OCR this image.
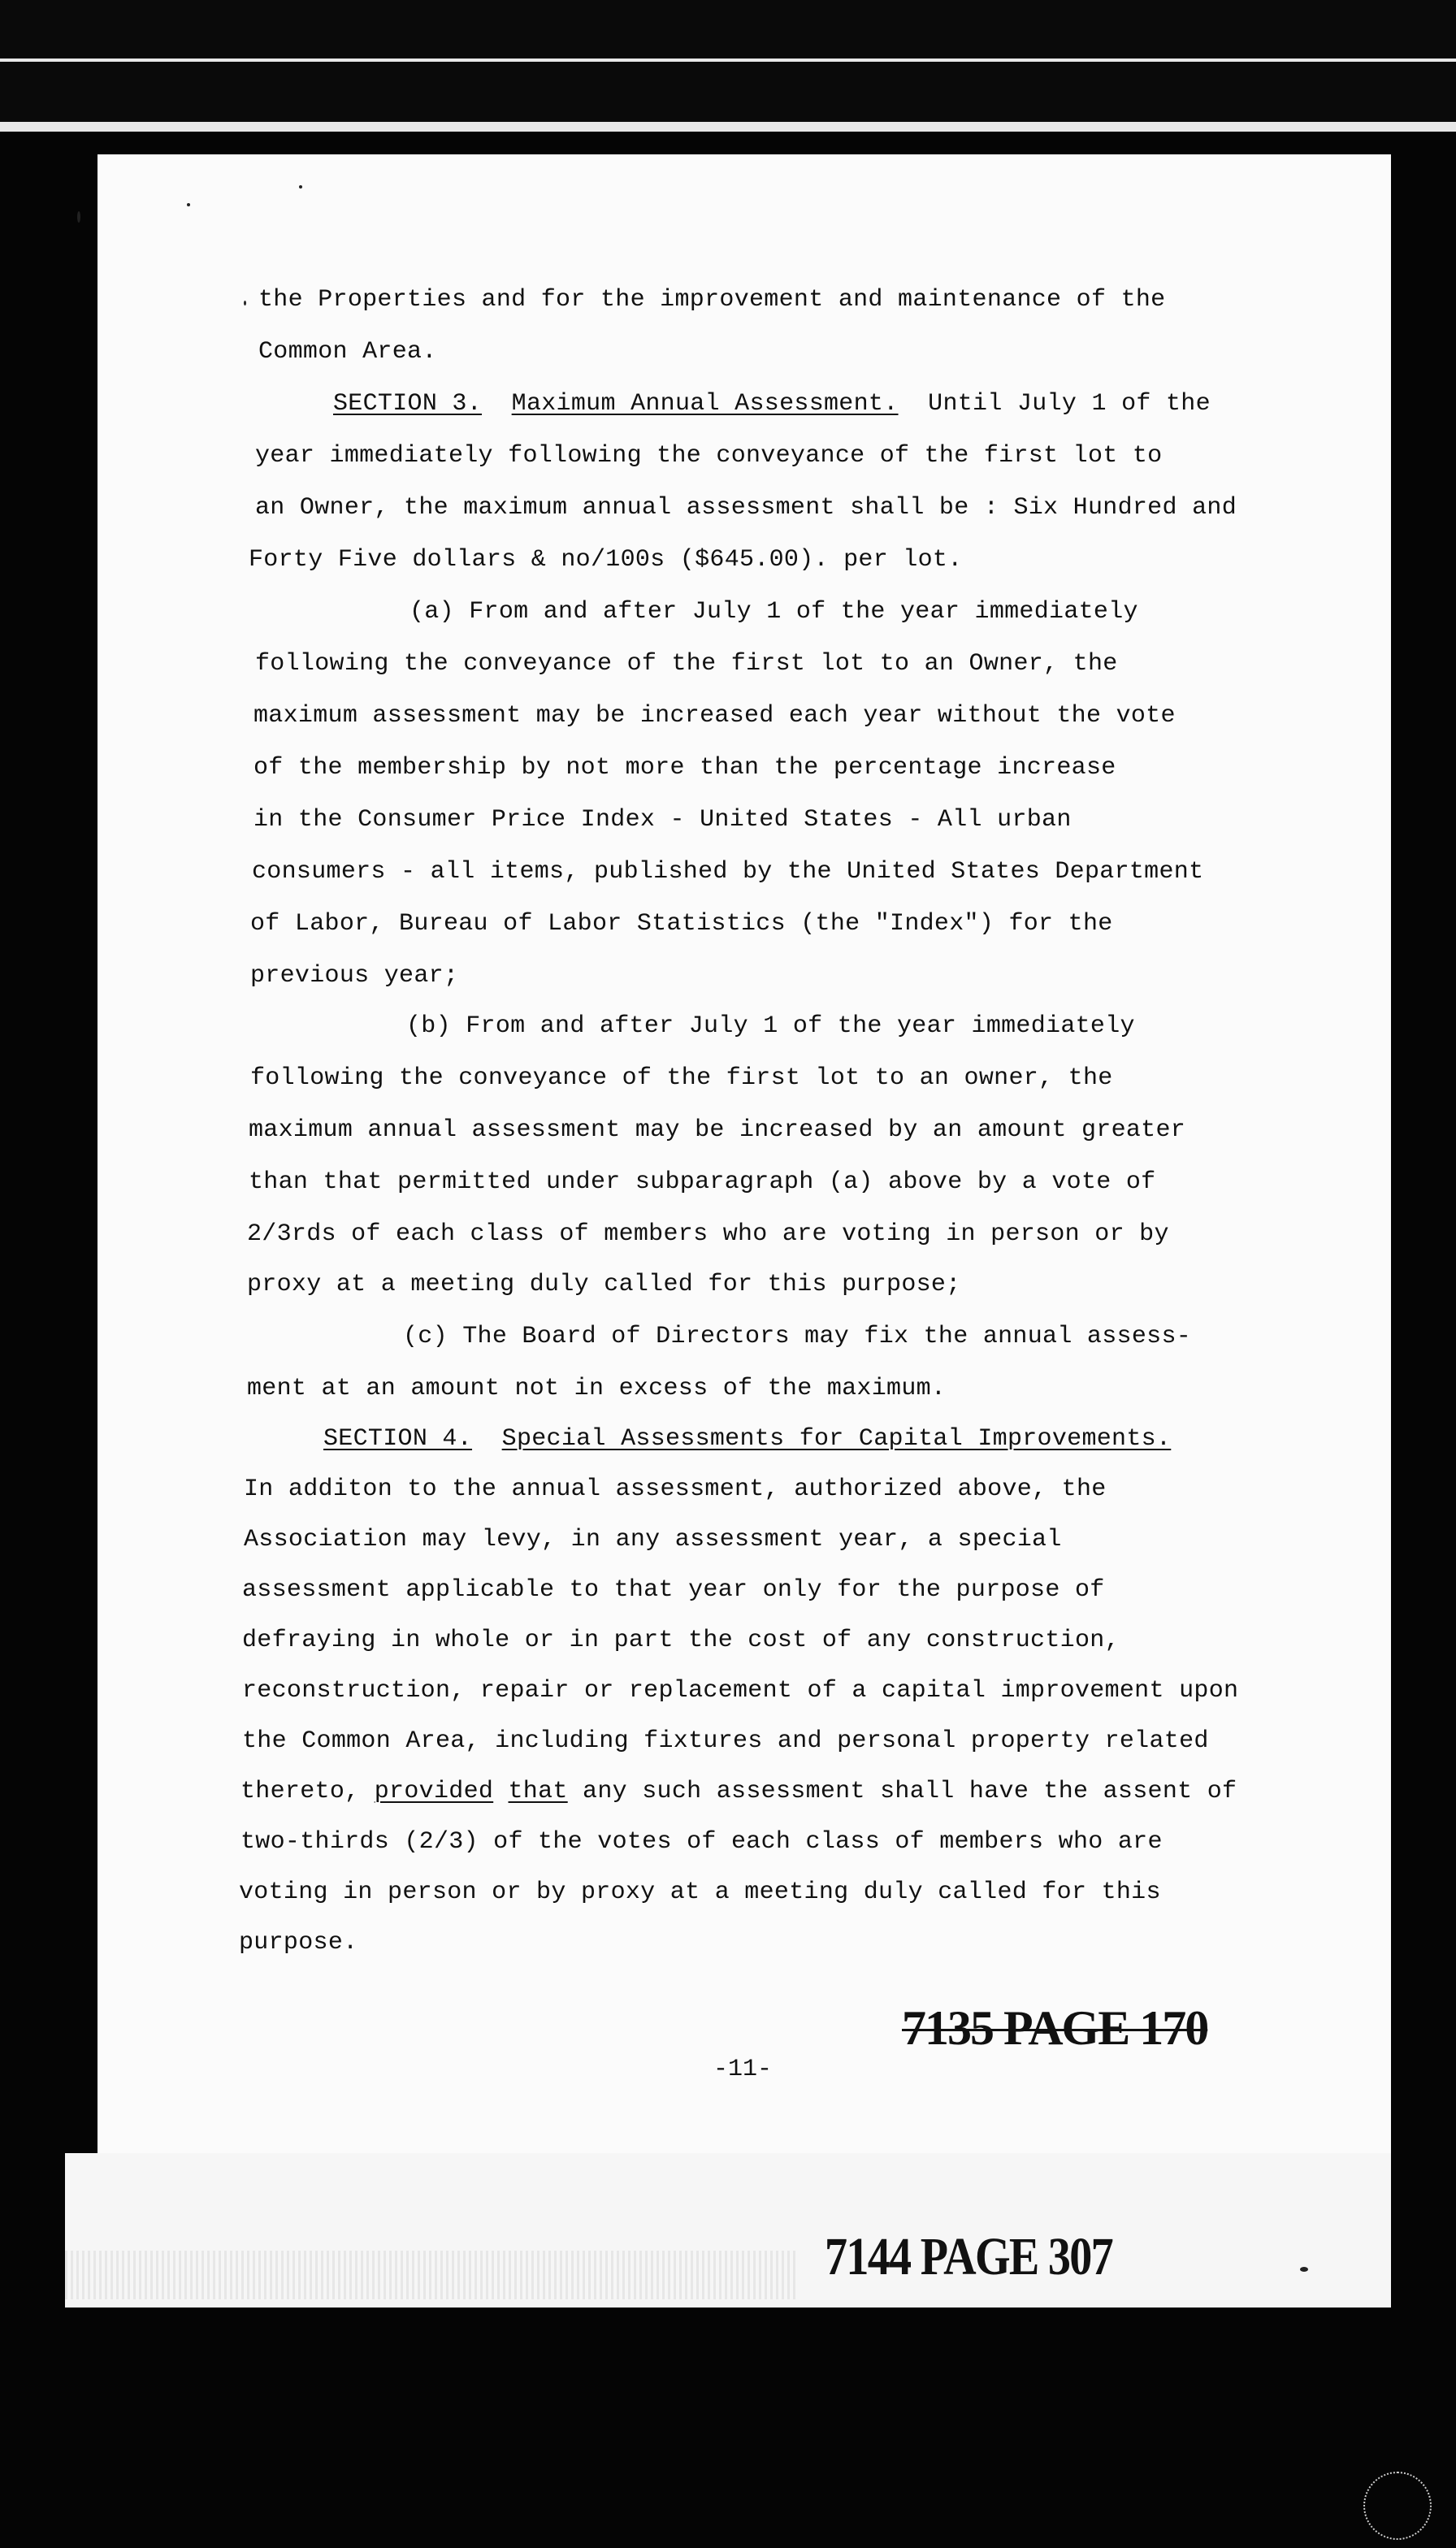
the Properties and for the improvement and maintenance of the
Common Area.
SECTION 3. Maximum Annual Assessment. Until July 1 of the
year immediately following the conveyance of the first lot to
an Owner, the maximum annual assessment shall be : Six Hundred and
Forty Five dollars & no/100s ($645.00). per lot.
(a) From and after July 1 of the year immediately
following the conveyance of the first lot to an Owner, the
maximum assessment may be increased each year without the vote
of the membership by not more than the percentage increase
in the Consumer Price Index - United States - All urban
consumers - all items, published by the United States Department
of Labor, Bureau of Labor Statistics (the "Index") for the
previous year;
(b) From and after July 1 of the year immediately
following the conveyance of the first lot to an owner, the
maximum annual assessment may be increased by an amount greater
than that permitted under subparagraph (a) above by a vote of
2/3rds of each class of members who are voting in person or by
proxy at a meeting duly called for this purpose;
(c) The Board of Directors may fix the annual assess-
ment at an amount not in excess of the maximum.
SECTION 4. Special Assessments for Capital Improvements.
In additon to the annual assessment, authorized above, the
Association may levy, in any assessment year, a special
assessment applicable to that year only for the purpose of
defraying in whole or in part the cost of any construction,
reconstruction, repair or replacement of a capital improvement upon
the Common Area, including fixtures and personal property related
thereto, provided that any such assessment shall have the assent of
two-thirds (2/3) of the votes of each class of members who are
voting in person or by proxy at a meeting duly called for this
purpose.
7135 PAGE 170
-11-
7144 PAGE 307
